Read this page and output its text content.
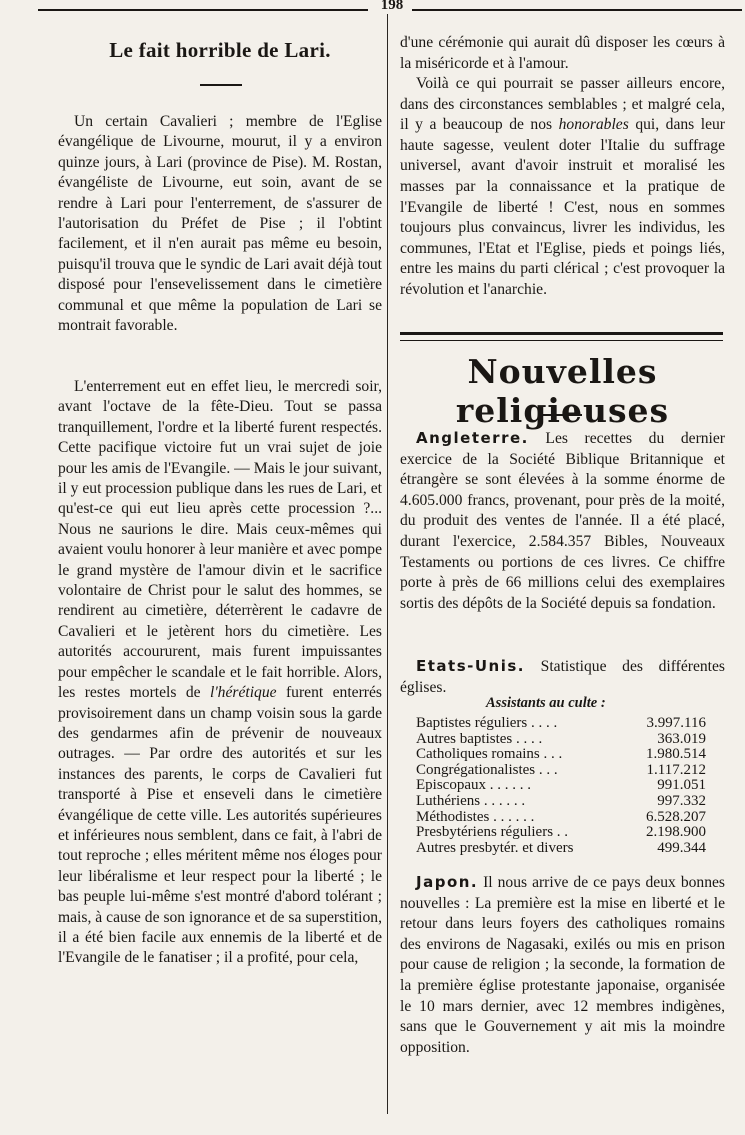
198
Le fait horrible de Lari.

Un certain Cavalieri ; membre de l'Eglise évangélique de Livourne, mourut, il y a environ quinze jours, à Lari (province de Pise). M. Rostan, évangéliste de Livourne, eut soin, avant de se rendre à Lari pour l'enterrement, de s'assurer de l'autorisation du Préfet de Pise ; il l'obtint facilement, et il n'en aurait pas même eu besoin, puisqu'il trouva que le syndic de Lari avait déjà tout disposé pour l'ensevelissement dans le cimetière communal et que même la population de Lari se montrait favorable.

L'enterrement eut en effet lieu, le mercredi soir, avant l'octave de la fête-Dieu. Tout se passa tranquillement, l'ordre et la liberté furent respectés. Cette pacifique victoire fut un vrai sujet de joie pour les amis de l'Evangile. — Mais le jour suivant, il y eut procession publique dans les rues de Lari, et qu'est-ce qui eut lieu après cette procession ?... Nous ne saurions le dire. Mais ceux-mêmes qui avaient voulu honorer à leur manière et avec pompe le grand mystère de l'amour divin et le sacrifice volontaire de Christ pour le salut des hommes, se rendirent au cimetière, déterrèrent le cadavre de Cavalieri et le jetèrent hors du cimetière. Les autorités accoururent, mais furent impuissantes pour empêcher le scandale et le fait horrible. Alors, les restes mortels de l'hérétique furent enterrés provisoirement dans un champ voisin sous la garde des gendarmes afin de prévenir de nouveaux outrages. — Par ordre des autorités et sur les instances des parents, le corps de Cavalieri fut transporté à Pise et enseveli dans le cimetière évangélique de cette ville. Les autorités supérieures et inférieures nous semblent, dans ce fait, à l'abri de tout reproche ; elles méritent même nos éloges pour leur libéralisme et leur respect pour la liberté ; le bas peuple lui-même s'est montré d'abord tolérant ; mais, à cause de son ignorance et de sa superstition, il a été bien facile aux ennemis de la liberté et de l'Evangile de le fanatiser ; il a profité, pour cela,

d'une cérémonie qui aurait dû disposer les cœurs à la miséricorde et à l'amour.

Voilà ce qui pourrait se passer ailleurs encore, dans des circonstances semblables ; et malgré cela, il y a beaucoup de nos honorables qui, dans leur haute sagesse, veulent doter l'Italie du suffrage universel, avant d'avoir instruit et moralisé les masses par la connaissance et la pratique de l'Evangile de liberté ! C'est, nous en sommes toujours plus convaincus, livrer les individus, les communes, l'Etat et l'Eglise, pieds et poings liés, entre les mains du parti clérical ; c'est provoquer la révolution et l'anarchie.

Nouvelles religieuses

Angleterre. Les recettes du dernier exercice de la Société Biblique Britannique et étrangère se sont élevées à la somme énorme de 4.605.000 francs, provenant, pour près de la moité, du produit des ventes de l'année. Il a été placé, durant l'exercice, 2.584.357 Bibles, Nouveaux Testaments ou portions de ces livres. Ce chiffre porte à près de 66 millions celui des exemplaires sortis des dépôts de la Société depuis sa fondation.

Etats-Unis. Statistique des différentes églises.

Assistants au culte :
Baptistes réguliers . . . .	3.997.116
Autres baptistes . . . .	363.019
Catholiques romains . . .	1.980.514
Congrégationalistes . . .	1.117.212
Episcopaux . . . . . .	991.051
Luthériens . . . . . .	997.332
Méthodistes . . . . . .	6.528.207
Presbytériens réguliers . .	2.198.900
Autres presbytér. et divers	499.344

Japon. Il nous arrive de ce pays deux bonnes nouvelles : La première est la mise en liberté et le retour dans leurs foyers des catholiques romains des environs de Nagasaki, exilés ou mis en prison pour cause de religion ; la seconde, la formation de la première église protestante japonaise, organisée le 10 mars dernier, avec 12 membres indigènes, sans que le Gouvernement y ait mis la moindre opposition.
